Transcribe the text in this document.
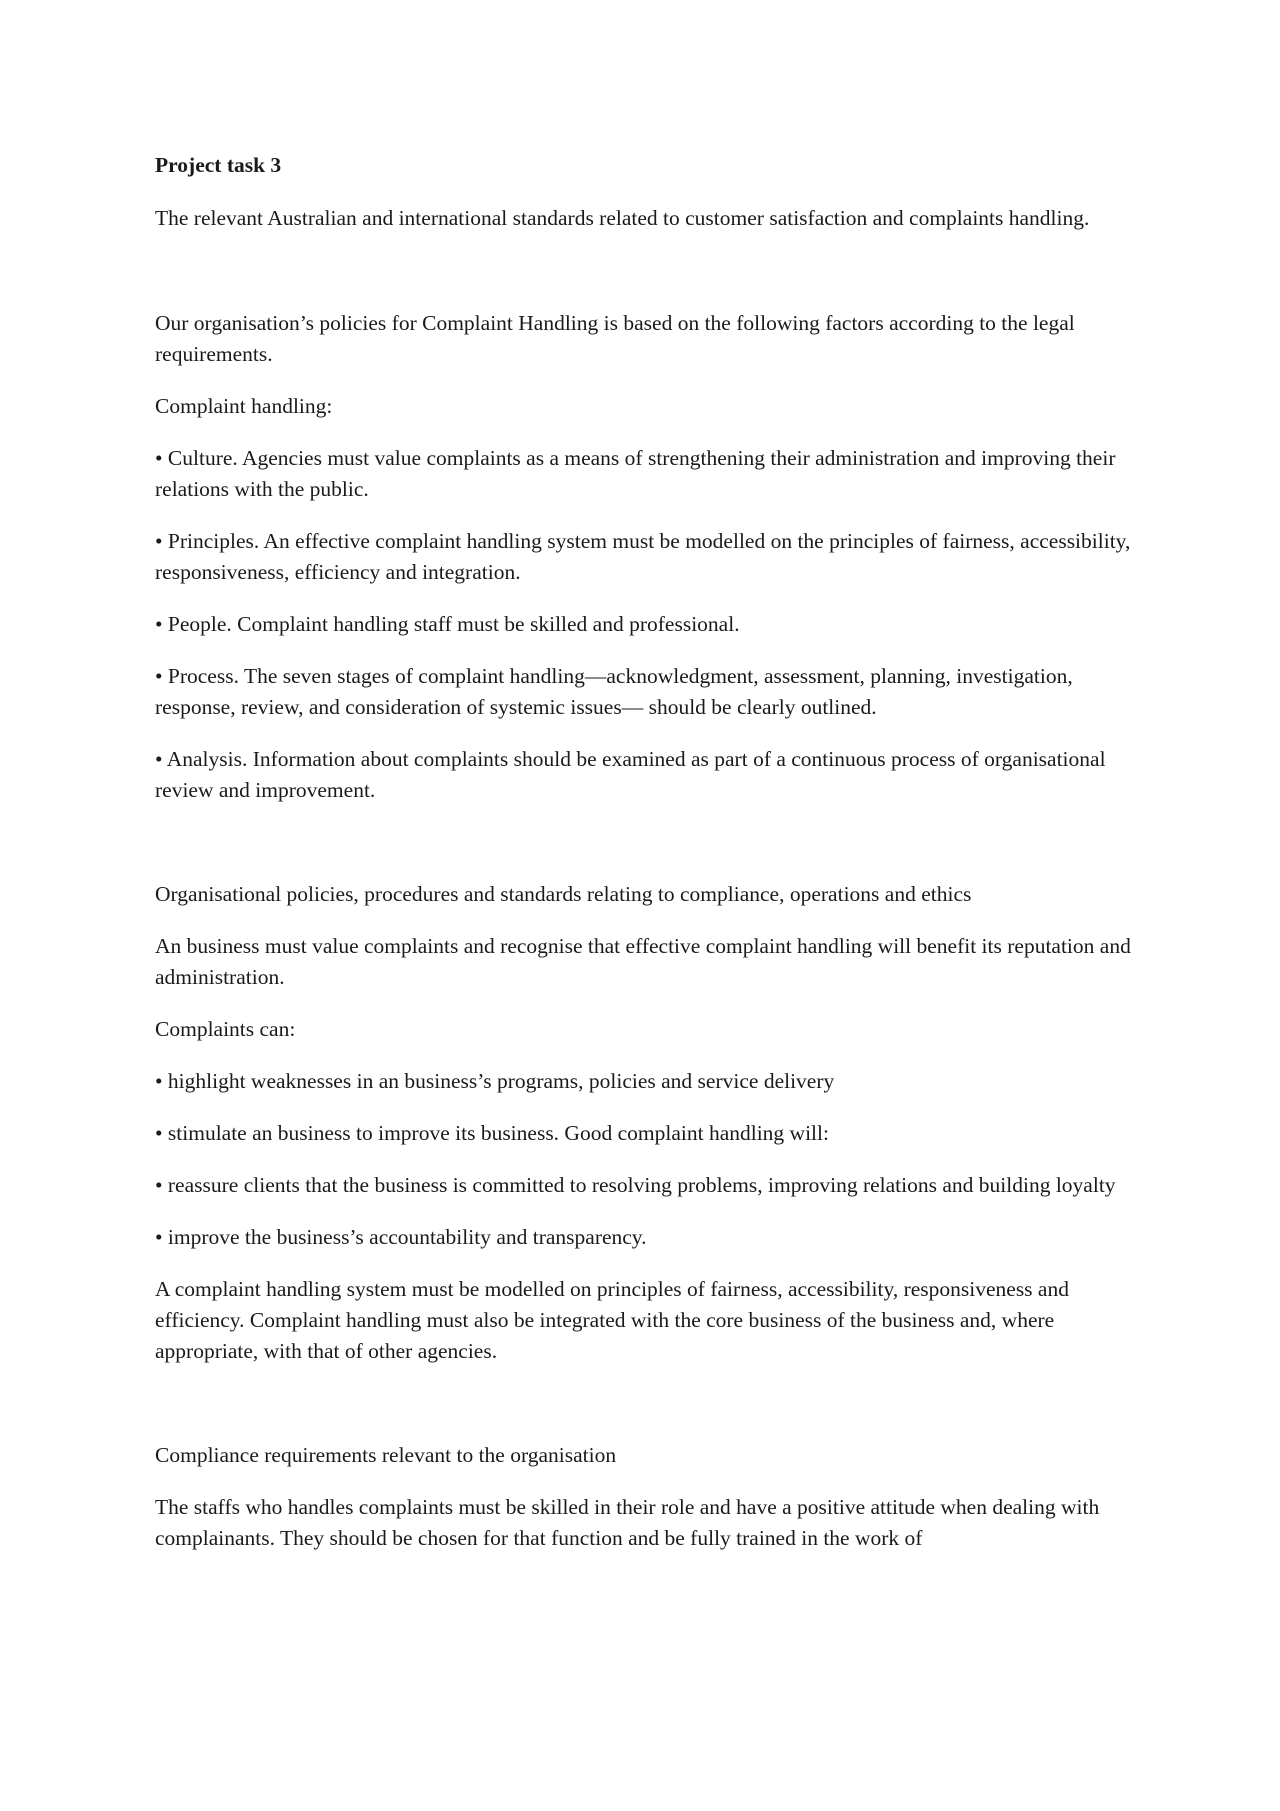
Project task 3

The relevant Australian and international standards related to customer satisfaction and complaints handling.

Our organisation’s policies for Complaint Handling is based on the following factors according to the legal requirements.

Complaint handling:

• Culture. Agencies must value complaints as a means of strengthening their administration and improving their relations with the public.

• Principles. An effective complaint handling system must be modelled on the principles of fairness, accessibility, responsiveness, efficiency and integration.

• People. Complaint handling staff must be skilled and professional.

• Process. The seven stages of complaint handling—acknowledgment, assessment, planning, investigation, response, review, and consideration of systemic issues— should be clearly outlined.

• Analysis. Information about complaints should be examined as part of a continuous process of organisational review and improvement.

Organisational policies, procedures and standards relating to compliance, operations and ethics

An business must value complaints and recognise that effective complaint handling will benefit its reputation and administration.

Complaints can:

• highlight weaknesses in an business’s programs, policies and service delivery

• stimulate an business to improve its business. Good complaint handling will:

• reassure clients that the business is committed to resolving problems, improving relations and building loyalty

• improve the business’s accountability and transparency.

A complaint handling system must be modelled on principles of fairness, accessibility, responsiveness and efficiency. Complaint handling must also be integrated with the core business of the business and, where appropriate, with that of other agencies.

Compliance requirements relevant to the organisation

The staffs who handles complaints must be skilled in their role and have a positive attitude when dealing with complainants. They should be chosen for that function and be fully trained in the work of
